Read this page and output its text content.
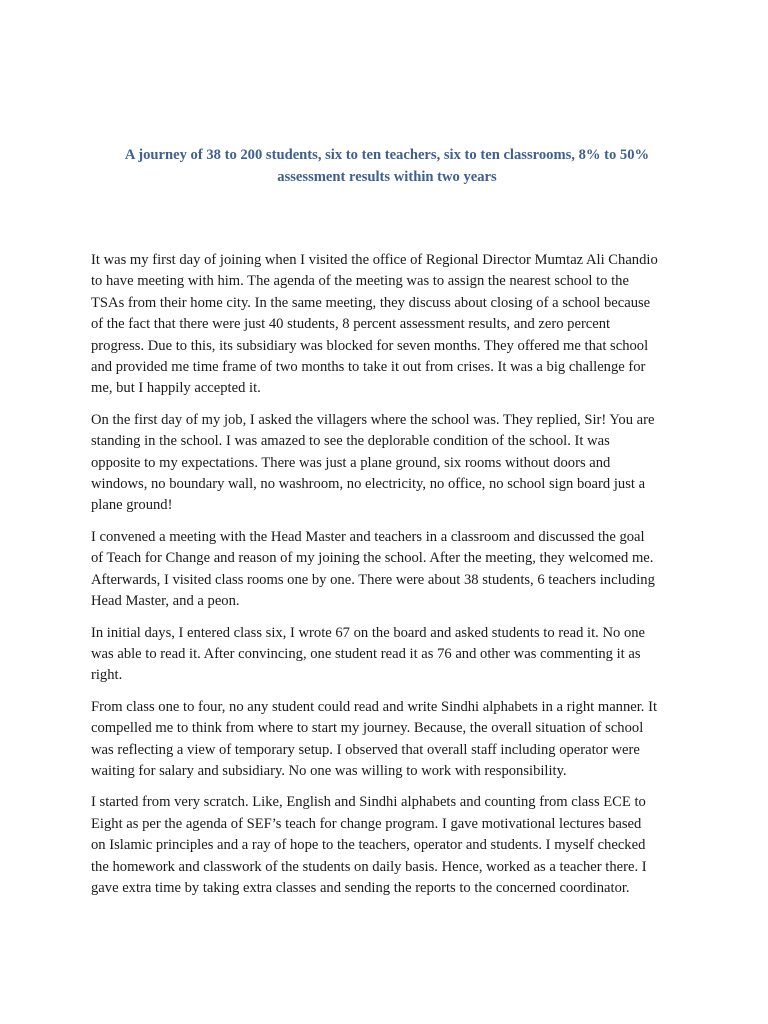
A journey of 38 to 200 students, six to ten teachers, six to ten classrooms, 8% to 50%
assessment results within two years

It was my first day of joining when I visited the office of Regional Director Mumtaz Ali Chandio
to have meeting with him. The agenda of the meeting was to assign the nearest school to the
TSAs from their home city. In the same meeting, they discuss about closing of a school because
of the fact that there were just 40 students, 8 percent assessment results, and zero percent
progress. Due to this, its subsidiary was blocked for seven months. They offered me that school
and provided me time frame of two months to take it out from crises. It was a big challenge for
me, but I happily accepted it.

On the first day of my job, I asked the villagers where the school was. They replied, Sir! You are
standing in the school. I was amazed to see the deplorable condition of the school. It was
opposite to my expectations. There was just a plane ground, six rooms without doors and
windows, no boundary wall, no washroom, no electricity, no office, no school sign board just a
plane ground!

I convened a meeting with the Head Master and teachers in a classroom and discussed the goal
of Teach for Change and reason of my joining the school. After the meeting, they welcomed me.
Afterwards, I visited class rooms one by one. There were about 38 students, 6 teachers including
Head Master, and a peon.

In initial days, I entered class six, I wrote 67 on the board and asked students to read it. No one
was able to read it. After convincing, one student read it as 76 and other was commenting it as
right.

From class one to four, no any student could read and write Sindhi alphabets in a right manner. It
compelled me to think from where to start my journey. Because, the overall situation of school
was reflecting a view of temporary setup. I observed that overall staff including operator were
waiting for salary and subsidiary. No one was willing to work with responsibility.

I started from very scratch. Like, English and Sindhi alphabets and counting from class ECE to
Eight as per the agenda of SEF’s teach for change program. I gave motivational lectures based
on Islamic principles and a ray of hope to the teachers, operator and students. I myself checked
the homework and classwork of the students on daily basis. Hence, worked as a teacher there. I
gave extra time by taking extra classes and sending the reports to the concerned coordinator.
